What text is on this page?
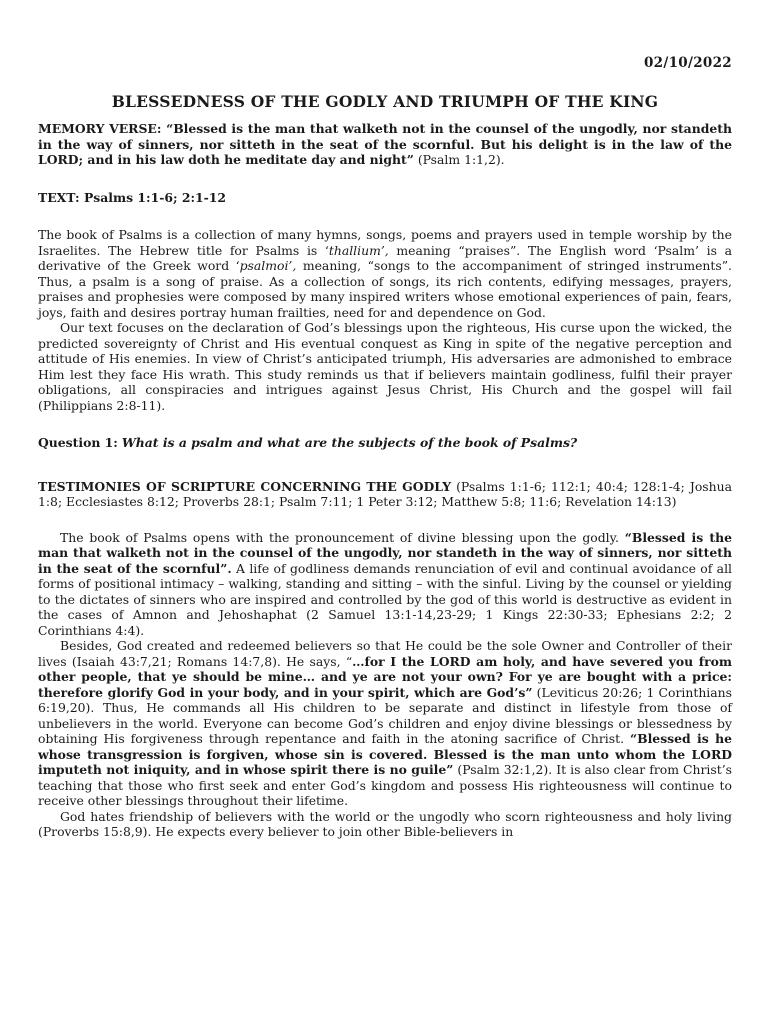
02/10/2022
BLESSEDNESS OF THE GODLY AND TRIUMPH OF THE KING

MEMORY VERSE: “Blessed is the man that walketh not in the counsel of the ungodly, nor standeth in the way of sinners, nor sitteth in the seat of the scornful. But his delight is in the law of the LORD; and in his law doth he meditate day and night” (Psalm 1:1,2).

TEXT: Psalms 1:1-6; 2:1-12

The book of Psalms is a collection of many hymns, songs, poems and prayers used in temple worship by the Israelites. The Hebrew title for Psalms is ‘thallium’, meaning “praises”. The English word ‘Psalm’ is a derivative of the Greek word ‘psalmoi’, meaning, “songs to the accompaniment of stringed instruments”. Thus, a psalm is a song of praise. As a collection of songs, its rich contents, edifying messages, prayers, praises and prophesies were composed by many inspired writers whose emotional experiences of pain, fears, joys, faith and desires portray human frailties, need for and dependence on God.

Our text focuses on the declaration of God’s blessings upon the righteous, His curse upon the wicked, the predicted sovereignty of Christ and His eventual conquest as King in spite of the negative perception and attitude of His enemies. In view of Christ’s anticipated triumph, His adversaries are admonished to embrace Him lest they face His wrath. This study reminds us that if believers maintain godliness, fulfil their prayer obligations, all conspiracies and intrigues against Jesus Christ, His Church and the gospel will fail (Philippians 2:8-11).

Question 1: What is a psalm and what are the subjects of the book of Psalms?

TESTIMONIES OF SCRIPTURE CONCERNING THE GODLY (Psalms 1:1-6; 112:1; 40:4; 128:1-4; Joshua 1:8; Ecclesiastes 8:12; Proverbs 28:1; Psalm 7:11; 1 Peter 3:12; Matthew 5:8; 11:6; Revelation 14:13)

The book of Psalms opens with the pronouncement of divine blessing upon the godly. “Blessed is the man that walketh not in the counsel of the ungodly, nor standeth in the way of sinners, nor sitteth in the seat of the scornful”. A life of godliness demands renunciation of evil and continual avoidance of all forms of positional intimacy – walking, standing and sitting – with the sinful. Living by the counsel or yielding to the dictates of sinners who are inspired and controlled by the god of this world is destructive as evident in the cases of Amnon and Jehoshaphat (2 Samuel 13:1-14,23-29; 1 Kings 22:30-33; Ephesians 2:2; 2 Corinthians 4:4).

Besides, God created and redeemed believers so that He could be the sole Owner and Controller of their lives (Isaiah 43:7,21; Romans 14:7,8). He says, “…for I the LORD am holy, and have severed you from other people, that ye should be mine… and ye are not your own? For ye are bought with a price: therefore glorify God in your body, and in your spirit, which are God’s” (Leviticus 20:26; 1 Corinthians 6:19,20). Thus, He commands all His children to be separate and distinct in lifestyle from those of unbelievers in the world. Everyone can become God’s children and enjoy divine blessings or blessedness by obtaining His forgiveness through repentance and faith in the atoning sacrifice of Christ. “Blessed is he whose transgression is forgiven, whose sin is covered. Blessed is the man unto whom the LORD imputeth not iniquity, and in whose spirit there is no guile” (Psalm 32:1,2). It is also clear from Christ’s teaching that those who first seek and enter God’s kingdom and possess His righteousness will continue to receive other blessings throughout their lifetime.

God hates friendship of believers with the world or the ungodly who scorn righteousness and holy living (Proverbs 15:8,9). He expects every believer to join other Bible-believers in
